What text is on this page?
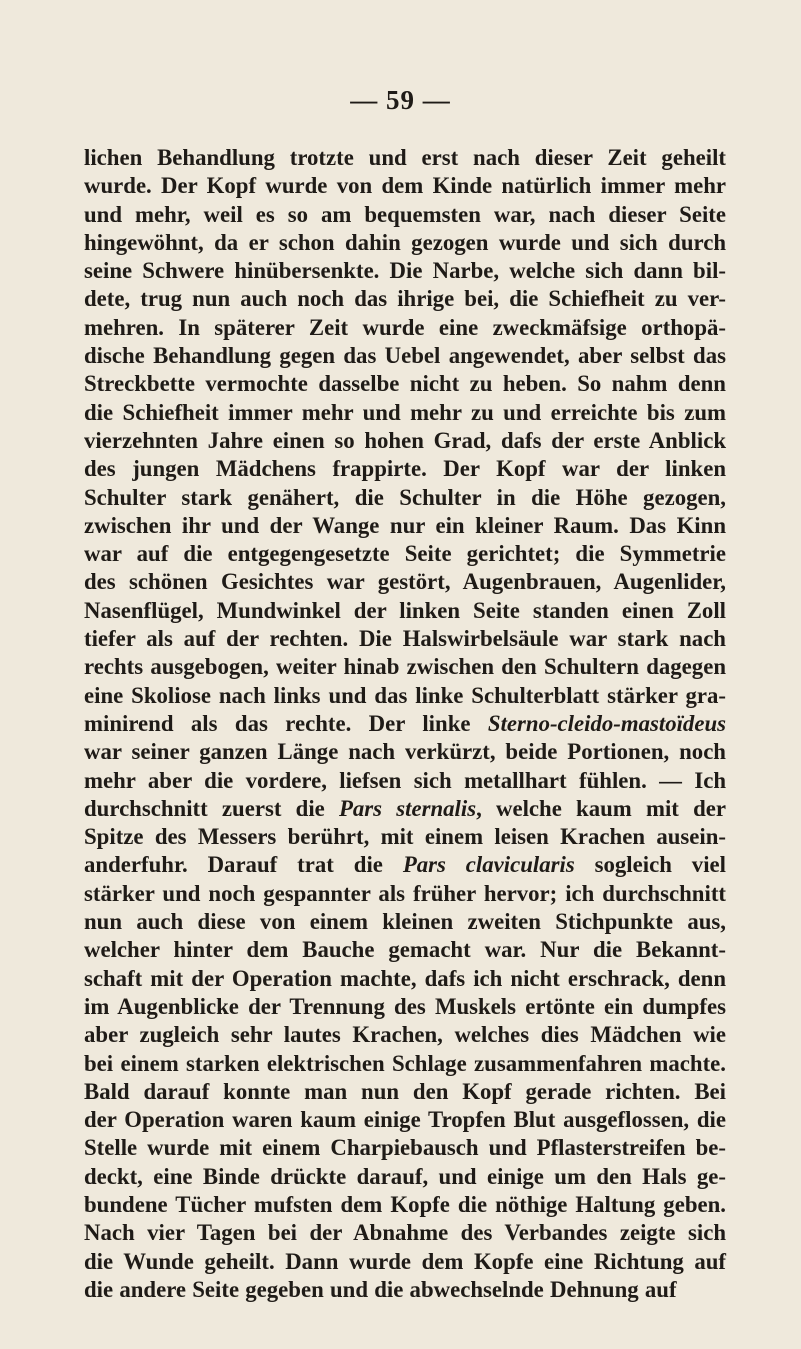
— 59 —
lichen Behandlung trotzte und erst nach dieser Zeit geheilt
wurde. Der Kopf wurde von dem Kinde natürlich immer mehr
und mehr, weil es so am bequemsten war, nach dieser Seite
hingewöhnt, da er schon dahin gezogen wurde und sich durch
seine Schwere hinübersenkte. Die Narbe, welche sich dann bil-
dete, trug nun auch noch das ihrige bei, die Schiefheit zu ver-
mehren. In späterer Zeit wurde eine zweckmäfsige orthopä-
dische Behandlung gegen das Uebel angewendet, aber selbst das
Streckbette vermochte dasselbe nicht zu heben. So nahm denn
die Schiefheit immer mehr und mehr zu und erreichte bis zum
vierzehnten Jahre einen so hohen Grad, dafs der erste Anblick
des jungen Mädchens frappirte. Der Kopf war der linken
Schulter stark genähert, die Schulter in die Höhe gezogen,
zwischen ihr und der Wange nur ein kleiner Raum. Das Kinn
war auf die entgegengesetzte Seite gerichtet; die Symmetrie
des schönen Gesichtes war gestört, Augenbrauen, Augenlider,
Nasenflügel, Mundwinkel der linken Seite standen einen Zoll
tiefer als auf der rechten. Die Halswirbelsäule war stark nach
rechts ausgebogen, weiter hinab zwischen den Schultern dagegen
eine Skoliose nach links und das linke Schulterblatt stärker gra-
minirend als das rechte. Der linke Sterno-cleido-mastoïdeus
war seiner ganzen Länge nach verkürzt, beide Portionen, noch
mehr aber die vordere, liefsen sich metallhart fühlen. — Ich
durchschnitt zuerst die Pars sternalis, welche kaum mit der
Spitze des Messers berührt, mit einem leisen Krachen ausein-
anderfuhr. Darauf trat die Pars clavicularis sogleich viel
stärker und noch gespannter als früher hervor; ich durchschnitt
nun auch diese von einem kleinen zweiten Stichpunkte aus,
welcher hinter dem Bauche gemacht war. Nur die Bekannt-
schaft mit der Operation machte, dafs ich nicht erschrack, denn
im Augenblicke der Trennung des Muskels ertönte ein dumpfes
aber zugleich sehr lautes Krachen, welches dies Mädchen wie
bei einem starken elektrischen Schlage zusammenfahren machte.
Bald darauf konnte man nun den Kopf gerade richten. Bei
der Operation waren kaum einige Tropfen Blut ausgeflossen, die
Stelle wurde mit einem Charpiebausch und Pflasterstreifen be-
deckt, eine Binde drückte darauf, und einige um den Hals ge-
bundene Tücher mufsten dem Kopfe die nöthige Haltung geben.
Nach vier Tagen bei der Abnahme des Verbandes zeigte sich
die Wunde geheilt. Dann wurde dem Kopfe eine Richtung auf
die andere Seite gegeben und die abwechselnde Dehnung auf
